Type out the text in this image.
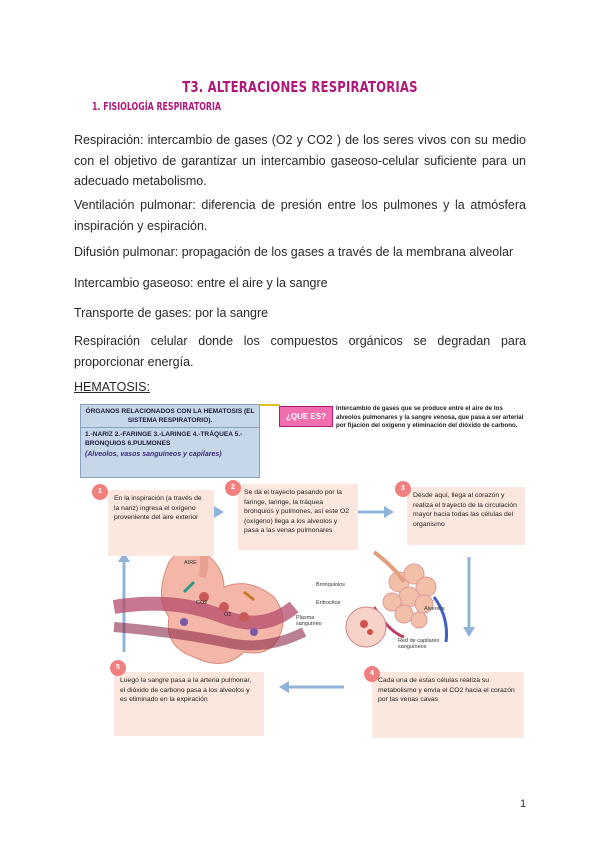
T3. ALTERACIONES RESPIRATORIAS
1. FISIOLOGÍA RESPIRATORIA

Respiración: intercambio de gases (O2 y CO2 ) de los seres vivos con su medio con el objetivo de garantizar un intercambio gaseoso-celular suficiente para un adecuado metabolismo.

Ventilación pulmonar: diferencia de presión entre los pulmones y la atmósfera inspiración y espiración.

Difusión pulmonar: propagación de los gases a través de la membrana alveolar

Intercambio gaseoso: entre el aire y la sangre

Transporte de gases: por la sangre

Respiración celular donde los compuestos orgánicos se degradan para proporcionar energía.

HEMATOSIS:
ÓRGANOS RELACIONADOS CON LA HEMATOSIS (EL SISTEMA RESPIRATORIO).
1.-NARIZ 2.-FARINGE 3.-LARINGE 4.-TRÁQUEA 5.-BRONQUIOS 6.PULMONES
(Alveolos, vasos sanguíneos y capilares)
¿QUE ES?
Intercambio de gases que se produce entre el aire de los alveolos pulmonares y la sangre venosa, que pasa a ser arterial por fijación del oxígeno y eliminación del dióxido de carbono.
En la inspiración (a través de la nariz) ingresa el oxígeno proveniente del aire exterior
1	Se da el trayecto pasando por la faringe, laringe, la tráquea bronquios y pulmones, así este O2 (oxígeno) llega a los alveolos y pasa a las venas pulmonares
2
Desde aquí, llega al corazón y realiza el trayecto de la circulación mayor hacia todas las células del organismo
3
Cada una de estas células realiza su metabolismo y envía el CO2 hacia el corazón por las venas cavas
4
Luego la sangre pasa a la arteria pulmonar, el dióxido de carbono pasa a los alveolos y es eliminado en la expiración
5
AIRE
Bronquiolos
Eritrocitos
Plasma sanguíneo
Alveolos
Red de capilares sanguíneos
CO2
O2
1
